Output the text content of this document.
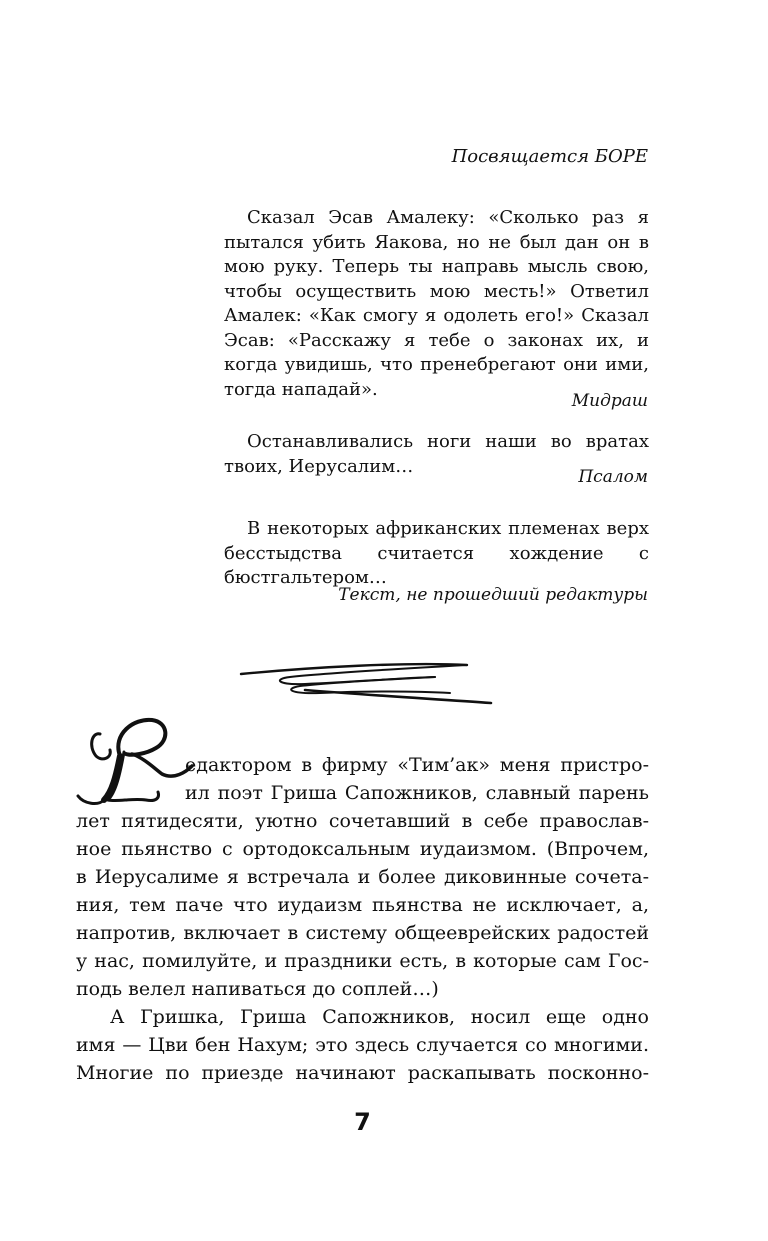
Посвящается БОРЕ
Сказал Эсав Амалеку: «Сколько раз я пытался убить Яакова, но не был дан он в мою руку. Теперь ты направь мысль свою, чтобы осуществить мою месть!» Ответил Амалек: «Как смогу я одолеть его!» Сказал Эсав: «Расскажу я тебе о законах их, и когда увидишь, что пренебрегают они ими, тогда нападай».
Мидраш
Останавливались ноги наши во вратах твоих, Иерусалим…
Псалом
В некоторых африканских племенах верх бесстыдства считается хождение с бюстгальтером…
Текст, не прошедший редактуры
едактором в фирму «Тим’ак» меня пристро-
ил поэт Гриша Сапожников, славный парень
лет пятидесяти, уютно сочетавший в себе православ-
ное пьянство с ортодоксальным иудаизмом. (Впрочем,
в Иерусалиме я встречала и более диковинные сочета-
ния, тем паче что иудаизм пьянства не исключает, а,
напротив, включает в систему общееврейских радостей
у нас, помилуйте, и праздники есть, в которые сам Гос-
подь велел напиваться до соплей…)
А Гришка, Гриша Сапожников, носил еще одно
имя — Цви бен Нахум; это здесь случается со многими.
Многие по приезде начинают раскапывать посконно-
7
